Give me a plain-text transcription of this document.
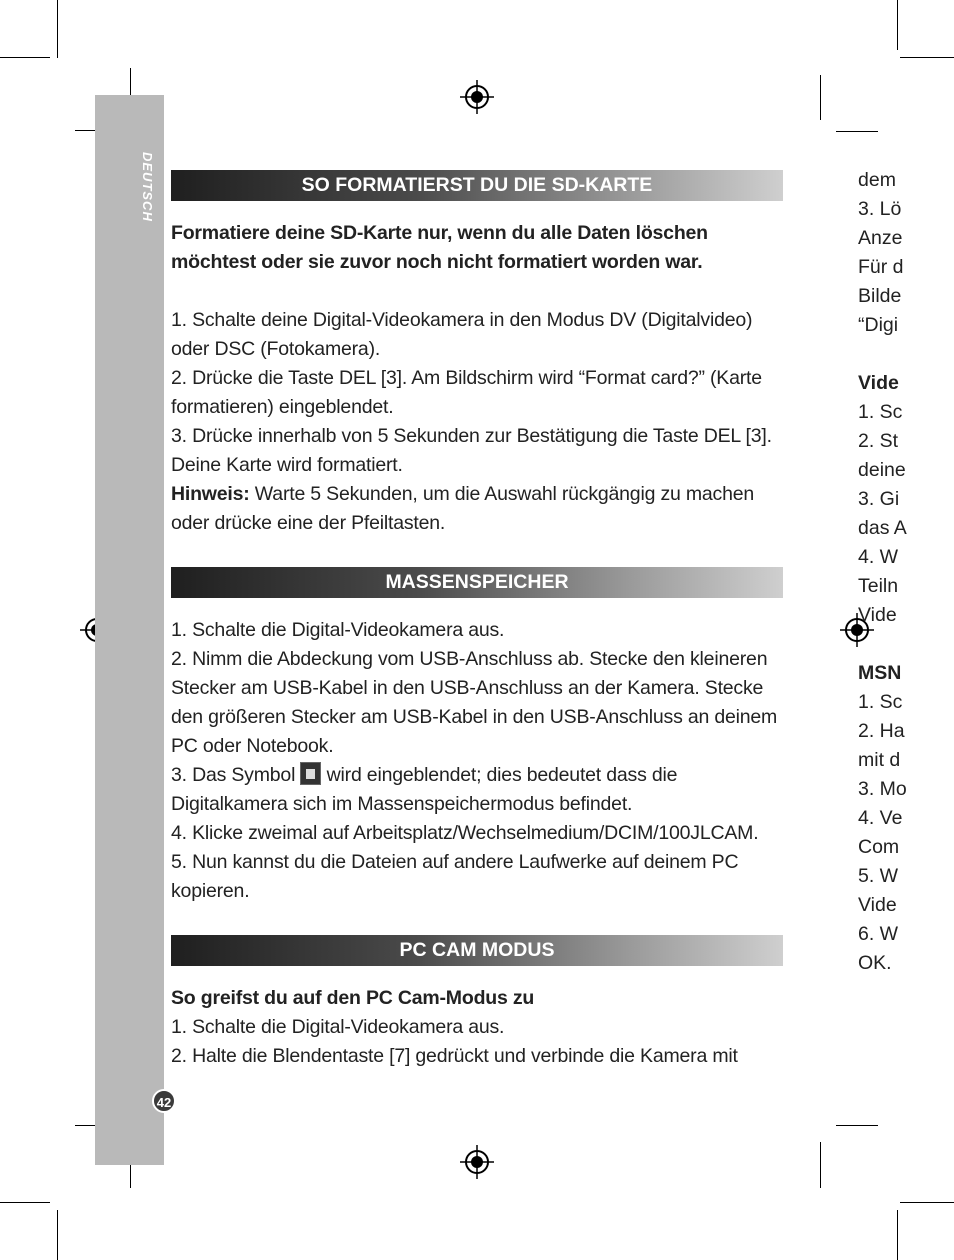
DEUTSCH
42
SO FORMATIERST DU DIE SD-KARTE

Formatiere deine SD-Karte nur, wenn du alle Daten löschen möchtest oder sie zuvor noch nicht formatiert worden war.

1. Schalte deine Digital-Videokamera in den Modus DV (Digitalvideo) oder DSC (Fotokamera).

2. Drücke die Taste DEL [3]. Am Bildschirm wird “Format card?” (Karte formatieren) eingeblendet.

3. Drücke innerhalb von 5 Sekunden zur Bestätigung die Taste DEL [3]. Deine Karte wird formatiert.

Hinweis: Warte 5 Sekunden, um die Auswahl rückgängig zu machen oder drücke eine der Pfeiltasten.

MASSENSPEICHER

1. Schalte die Digital-Videokamera aus.

2. Nimm die Abdeckung vom USB-Anschluss ab. Stecke den kleineren Stecker am USB-Kabel in den USB-Anschluss an der Kamera. Stecke den größeren Stecker am USB-Kabel in den USB-Anschluss an deinem PC oder Notebook.

3. Das Symbol  wird eingeblendet; dies bedeutet dass die Digitalkamera sich im Massenspeichermodus befindet.

4. Klicke zweimal auf Arbeitsplatz/Wechselmedium/DCIM/100JLCAM.

5. Nun kannst du die Dateien auf andere Laufwerke auf deinem PC kopieren.

PC CAM MODUS

So greifst du auf den PC Cam-Modus zu

1. Schalte die Digital-Videokamera aus.

2. Halte die Blendentaste [7] gedrückt und verbinde die Kamera mit

dem
3. Lö
Anze
Für d
Bilde
“Digi
Vide
1. Sc
2. St
deine
3. Gi
das A
4. W
Teiln
Vide
MSN
1. Sc
2. Ha
mit d
3. Mo
4. Ve
Com
5. W
Vide
6. W
OK.
